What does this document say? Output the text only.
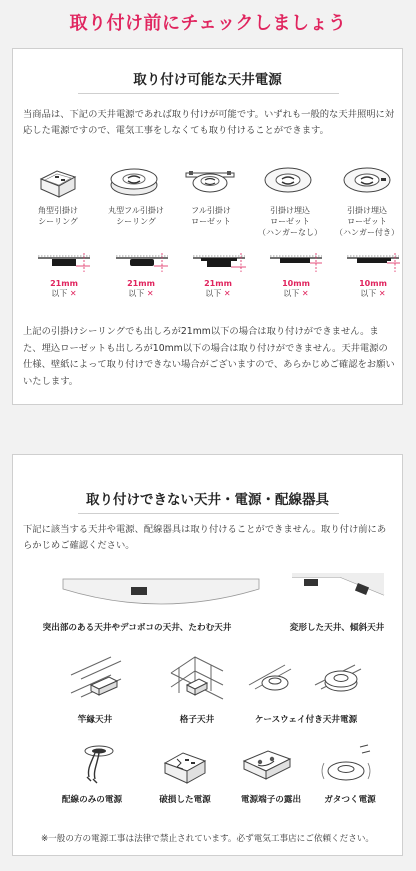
取り付け前にチェックしましょう
取り付け可能な天井電源
当商品は、下記の天井電源であれば取り付けが可能です。いずれも一般的な天井照明に対応した電源ですので、電気工事をしなくても取り付けることができます。
角型引掛け
シーリング
丸型フル引掛け
シーリング
フル引掛け
ローゼット
引掛け埋込
ローゼット
（ハンガーなし）
引掛け埋込
ローゼット
（ハンガー付き）
21mm
以下 ✕
21mm
以下 ✕
21mm
以下 ✕
10mm
以下 ✕
10mm
以下 ✕
上記の引掛けシーリングでも出しろが21mm以下の場合は取り付けができません。また、埋込ローゼットも出しろが10mm以下の場合は取り付けができません。天井電源の仕様、壁紙によって取り付けできない場合がございますので、あらかじめご確認をお願いいたします。
取り付けできない天井・電源・配線器具
下記に該当する天井や電源、配線器具は取り付けることができません。取り付け前にあらかじめご確認ください。
突出部のある天井やデコボコの天井、たわむ天井	変形した天井、傾斜天井
竿縁天井	格子天井	ケースウェイ付き天井電源
配線のみの電源	破損した電源	電源端子の露出	ガタつく電源
※一般の方の電源工事は法律で禁止されています。必ず電気工事店にご依頼ください。
